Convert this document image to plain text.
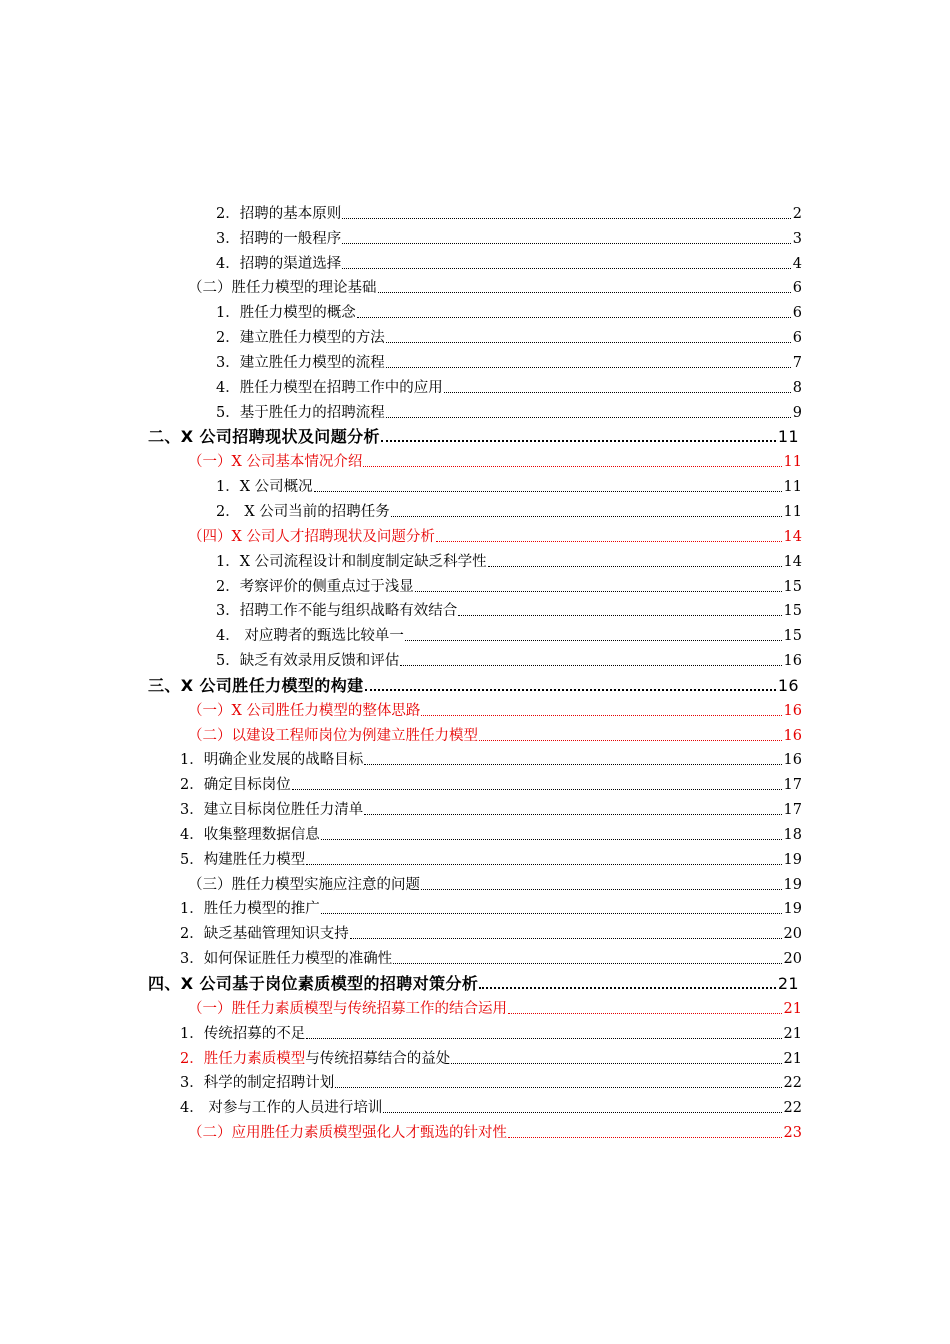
2．招聘的基本原则	2
3．招聘的一般程序	3
4．招聘的渠道选择	4
（二）胜任力模型的理论基础	6
1．胜任力模型的概念	6
2．建立胜任力模型的方法	6
3．建立胜任力模型的流程	7
4．胜任力模型在招聘工作中的应用	8
5．基于胜任力的招聘流程	9
二、X 公司招聘现状及问题分析	11
（一）X 公司基本情况介绍	11
1．X 公司概况	11
2． X 公司当前的招聘任务	11
（四）X 公司人才招聘现状及问题分析	14
1．X 公司流程设计和制度制定缺乏科学性	14
2．考察评价的侧重点过于浅显	15
3．招聘工作不能与组织战略有效结合	15
4． 对应聘者的甄选比较单一	15
5．缺乏有效录用反馈和评估	16
三、X 公司胜任力模型的构建	16
（一）X 公司胜任力模型的整体思路	16
（二）以建设工程师岗位为例建立胜任力模型	16
1．明确企业发展的战略目标	16
2．确定目标岗位	17
3．建立目标岗位胜任力清单	17
4．收集整理数据信息	18
5．构建胜任力模型	19
（三）胜任力模型实施应注意的问题	19
1．胜任力模型的推广	19
2．缺乏基础管理知识支持	20
3．如何保证胜任力模型的准确性	20
四、X 公司基于岗位素质模型的招聘对策分析	21
（一）胜任力素质模型与传统招募工作的结合运用	21
1．传统招募的不足	21
2．胜任力素质模型与传统招募结合的益处	21
3．科学的制定招聘计划	22
4． 对参与工作的人员进行培训	22
（二）应用胜任力素质模型强化人才甄选的针对性	23
